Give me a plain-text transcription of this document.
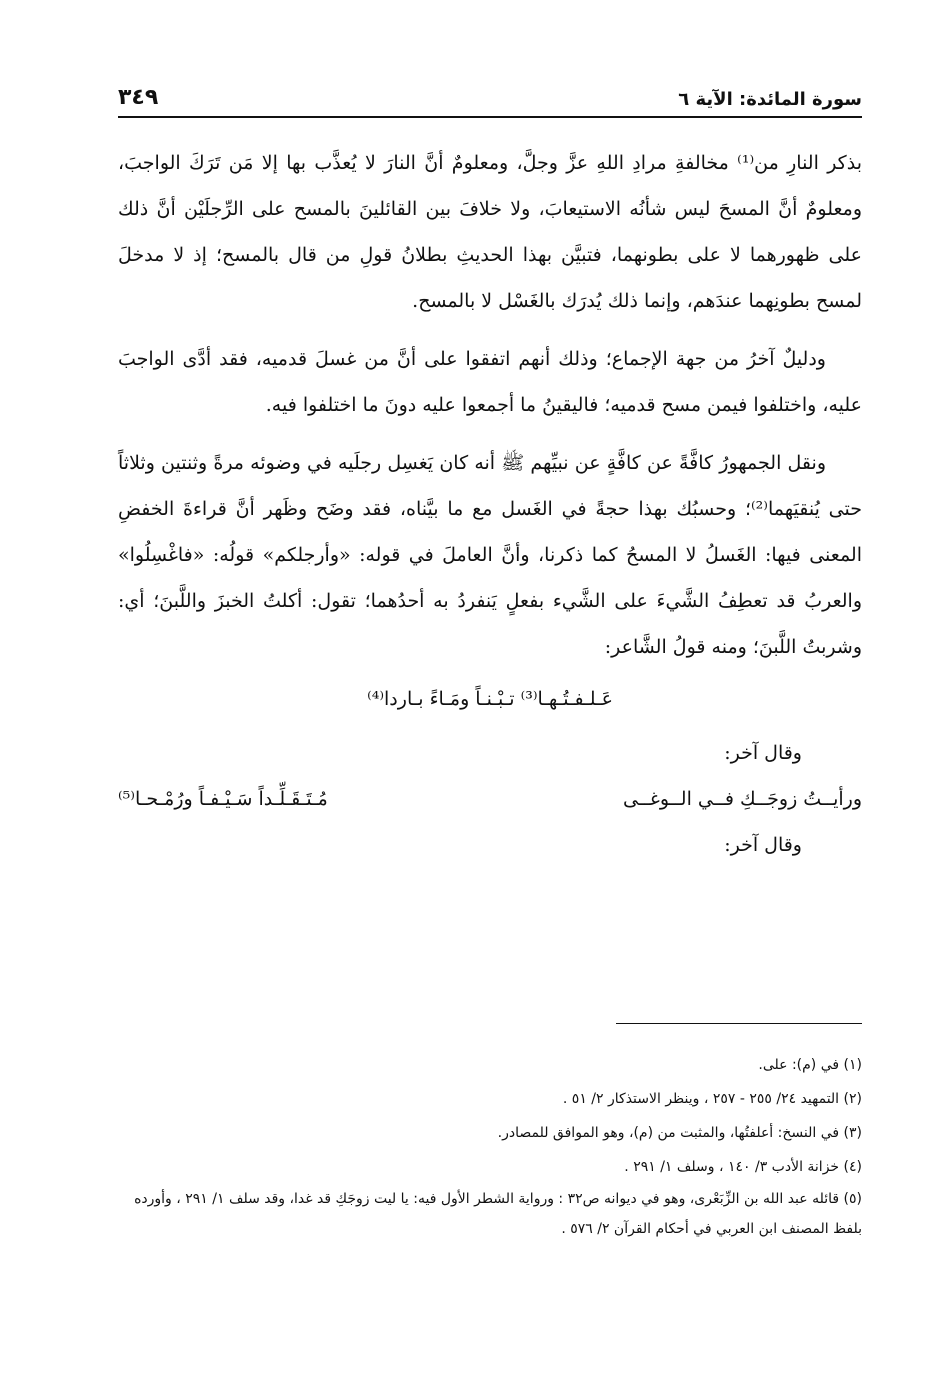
سورة المائدة: الآية ٦
٣٤٩

بذكر النارِ من⁽¹⁾ مخالفةِ مرادِ اللهِ عزَّ وجلَّ، ومعلومٌ أنَّ النارَ لا يُعذَّب بها إلا مَن تَرَكَ الواجبَ، ومعلومٌ أنَّ المسحَ ليس شأنُه الاستيعابَ، ولا خلافَ بين القائلينَ بالمسح على الرِّجلَيْن أنَّ ذلك على ظهورهما لا على بطونهما، فتبيَّن بهذا الحديثِ بطلانُ قولِ من قال بالمسح؛ إذ لا مدخلَ لمسح بطونِهما عندَهم، وإنما ذلك يُدرَك بالغَسْل لا بالمسح.

ودليلٌ آخرُ من جهة الإجماع؛ وذلك أنهم اتفقوا على أنَّ من غسلَ قدميه، فقد أدَّى الواجبَ عليه، واختلفوا فيمن مسح قدميه؛ فاليقينُ ما أجمعوا عليه دونَ ما اختلفوا فيه.

ونقل الجمهورُ كافَّةً عن كافَّةٍ عن نبيِّهم ﷺ أنه كان يَغسِل رجلَيه في وضوئه مرةً وثنتين وثلاثاً حتى يُنقيَهما⁽²⁾؛ وحسبُك بهذا حجةً في الغَسل مع ما بيَّناه، فقد وضَح وظَهر أنَّ قراءةَ الخفضِ المعنى فيها: الغَسلُ لا المسحُ كما ذكرنا، وأنَّ العاملَ في قوله: «وأرجلكم» قولُه: «فاغْسِلُوا» والعربُ قد تعطِفُ الشَّيءَ على الشَّيء بفعلٍ يَنفردُ به أحدُهما؛ تقول: أكلتُ الخبزَ واللَّبنَ؛ أي: وشربتُ اللَّبنَ؛ ومنه قولُ الشَّاعر:

عَـلـفـتُـهـا⁽³⁾ تـبْـنـاً ومَـاءً بـاردا⁽⁴⁾
وقال آخر:
ورأيــتُ زوجَــكِ فــي الــوغــى
مُـتَـقَـلِّـداً سَـيْـفـاً ورُمْـحـا⁽⁵⁾
وقال آخر:

(١) في (م): على.

(٢) التمهيد ٢٤/ ٢٥٥ - ٢٥٧ ، وينظر الاستذكار ٢/ ٥١ .

(٣) في النسخ: أعلفتُها، والمثبت من (م)، وهو الموافق للمصادر.

(٤) خزانة الأدب ٣/ ١٤٠ ، وسلف ١/ ٢٩١ .

(٥) قائله عبد الله بن الزِّبَعْرى، وهو في ديوانه ص٣٢ : ورواية الشطر الأول فيه: يا ليت زوجَكِ قد غدا، وقد سلف ١/ ٢٩١ ، وأورده بلفظ المصنف ابن العربي في أحكام القرآن ٢/ ٥٧٦ .
